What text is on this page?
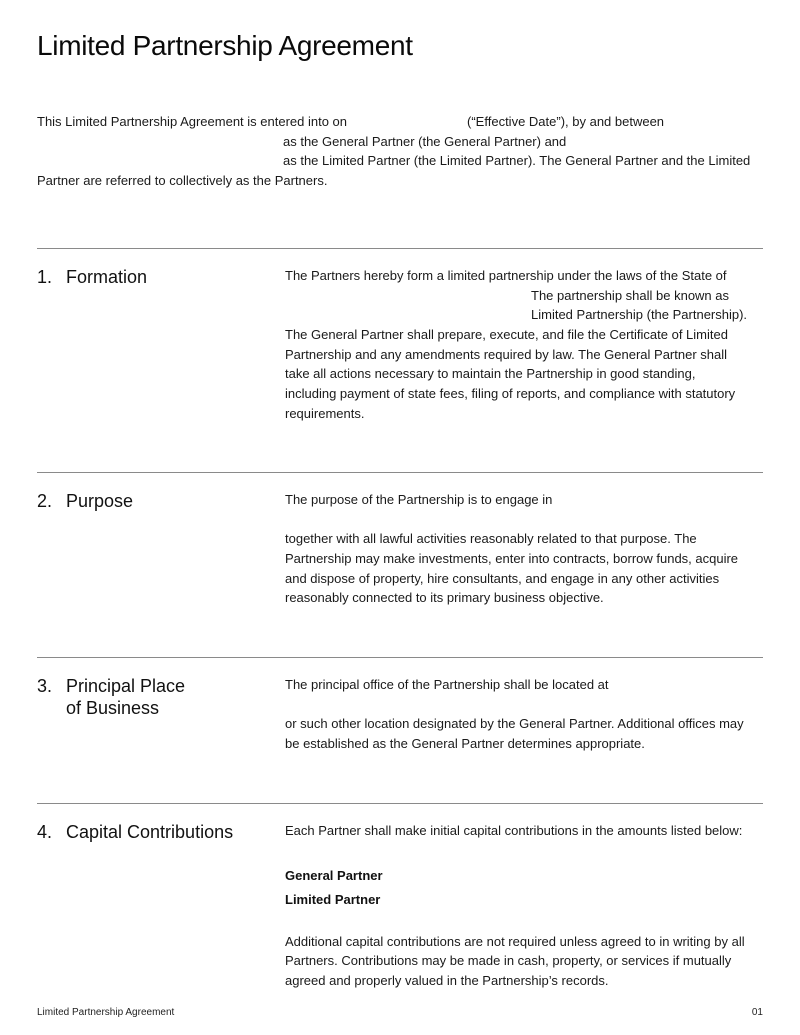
Limited Partnership Agreement
This Limited Partnership Agreement is entered into on	(“Effective Date”), by and between
as the General Partner (the General Partner) and
as the Limited Partner (the Limited Partner). The General Partner and the Limited
Partner are referred to collectively as the Partners.
1. Formation	The Partners hereby form a limited partnership under the laws of the State of
The partnership shall be known as
Limited Partnership (the Partnership).
The General Partner shall prepare, execute, and file the Certificate of Limited
Partnership and any amendments required by law. The General Partner shall
take all actions necessary to maintain the Partnership in good standing,
including payment of state fees, filing of reports, and compliance with statutory
requirements.
2. Purpose	The purpose of the Partnership is to engage in
together with all lawful activities reasonably related to that purpose. The
Partnership may make investments, enter into contracts, borrow funds, acquire
and dispose of property, hire consultants, and engage in any other activities
reasonably connected to its primary business objective.
3. Principal Place
of Business
The principal office of the Partnership shall be located at
or such other location designated by the General Partner. Additional offices may
be established as the General Partner determines appropriate.
4. Capital Contributions	Each Partner shall make initial capital contributions in the amounts listed below:
General Partner
Limited Partner
Additional capital contributions are not required unless agreed to in writing by all
Partners. Contributions may be made in cash, property, or services if mutually
agreed and properly valued in the Partnership’s records.
Limited Partnership Agreement	01
